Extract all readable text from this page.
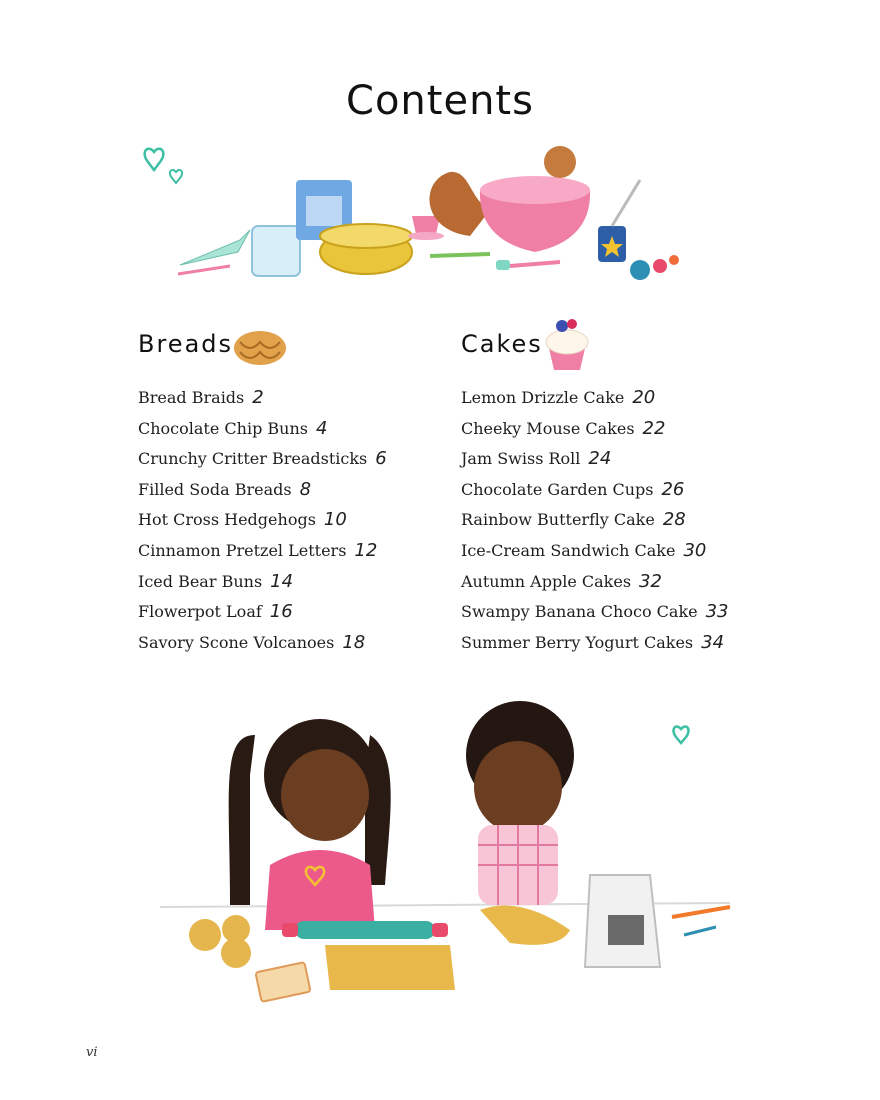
Contents
Breads	Cakes
Bread Braids 2
Chocolate Chip Buns 4
Crunchy Critter Breadsticks 6
Filled Soda Breads 8
Hot Cross Hedgehogs 10
Cinnamon Pretzel Letters 12
Iced Bear Buns 14
Flowerpot Loaf 16
Savory Scone Volcanoes 18
Lemon Drizzle Cake 20
Cheeky Mouse Cakes 22
Jam Swiss Roll 24
Chocolate Garden Cups 26
Rainbow Butterfly Cake 28
Ice-Cream Sandwich Cake 30
Autumn Apple Cakes 32
Swampy Banana Choco Cake 33
Summer Berry Yogurt Cakes 34
vi
